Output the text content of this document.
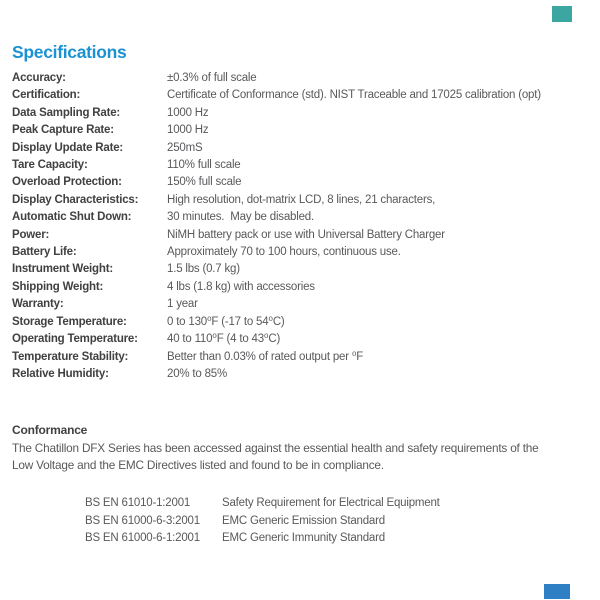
Specifications
Accuracy:	±0.3% of full scale
Certification:	Certificate of Conformance (std). NIST Traceable and 17025 calibration (opt)
Data Sampling Rate:	1000 Hz
Peak Capture Rate:	1000 Hz
Display Update Rate:	250mS
Tare Capacity:	110% full scale
Overload Protection:	150% full scale
Display Characteristics:	High resolution, dot-matrix LCD, 8 lines, 21 characters,
Automatic Shut Down:	30 minutes.  May be disabled.
Power:	NiMH battery pack or use with Universal Battery Charger
Battery Life:	Approximately 70 to 100 hours, continuous use.
Instrument Weight:	1.5 lbs (0.7 kg)
Shipping Weight:	4 lbs (1.8 kg) with accessories
Warranty:	1 year
Storage Temperature:	0 to 130⁰F (-17 to 54⁰C)
Operating Temperature:	40 to 110⁰F (4 to 43⁰C)
Temperature Stability:	Better than 0.03% of rated output per ⁰F
Relative Humidity:	20% to 85%
Conformance

The Chatillon DFX Series has been accessed against the essential health and safety requirements of the
Low Voltage and the EMC Directives listed and found to be in compliance.

BS EN 61010-1:2001	Safety Requirement for Electrical Equipment
BS EN 61000-6-3:2001	EMC Generic Emission Standard
BS EN 61000-6-1:2001	EMC Generic Immunity Standard
